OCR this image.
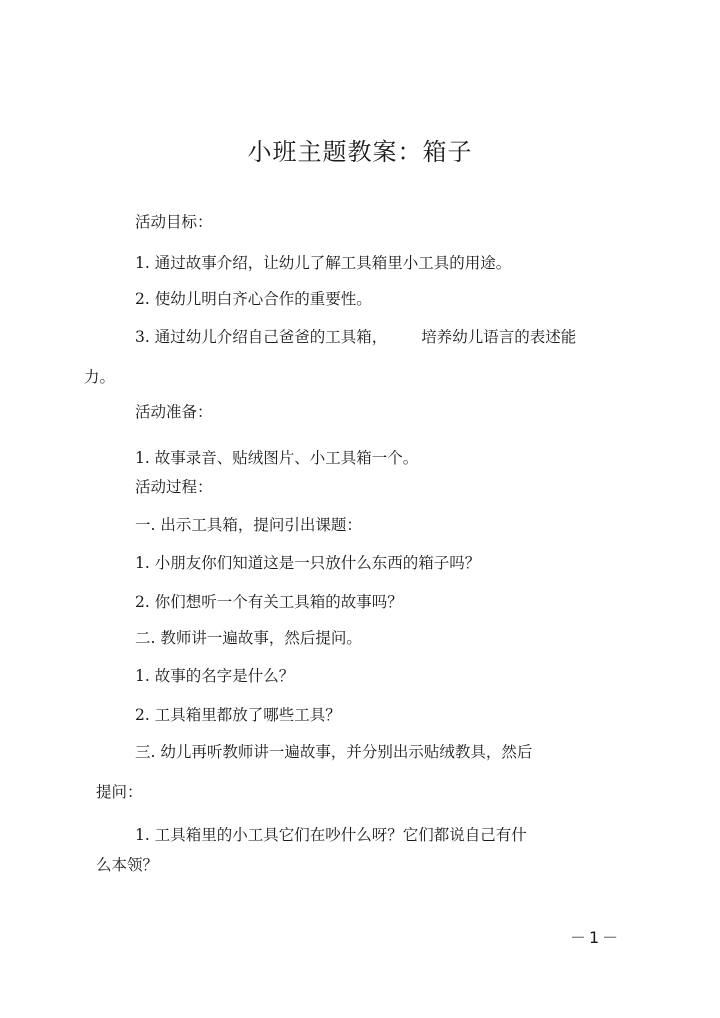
小班主题教案：箱子
活动目标：
1. 通过故事介绍，让幼儿了解工具箱里小工具的用途。
2. 使幼儿明白齐心合作的重要性。
3. 通过幼儿介绍自己爸爸的工具箱， 培养幼儿语言的表述能
力。
活动准备：
1. 故事录音、贴绒图片、小工具箱一个。
活动过程：
一. 出示工具箱，提问引出课题：
1. 小朋友你们知道这是一只放什么东西的箱子吗？
2. 你们想听一个有关工具箱的故事吗？
二. 教师讲一遍故事，然后提问。
1. 故事的名字是什么？
2. 工具箱里都放了哪些工具？
三. 幼儿再听教师讲一遍故事，并分别出示贴绒教具，然后
提问：
1. 工具箱里的小工具它们在吵什么呀？它们都说自己有什
么本领？
－1－
